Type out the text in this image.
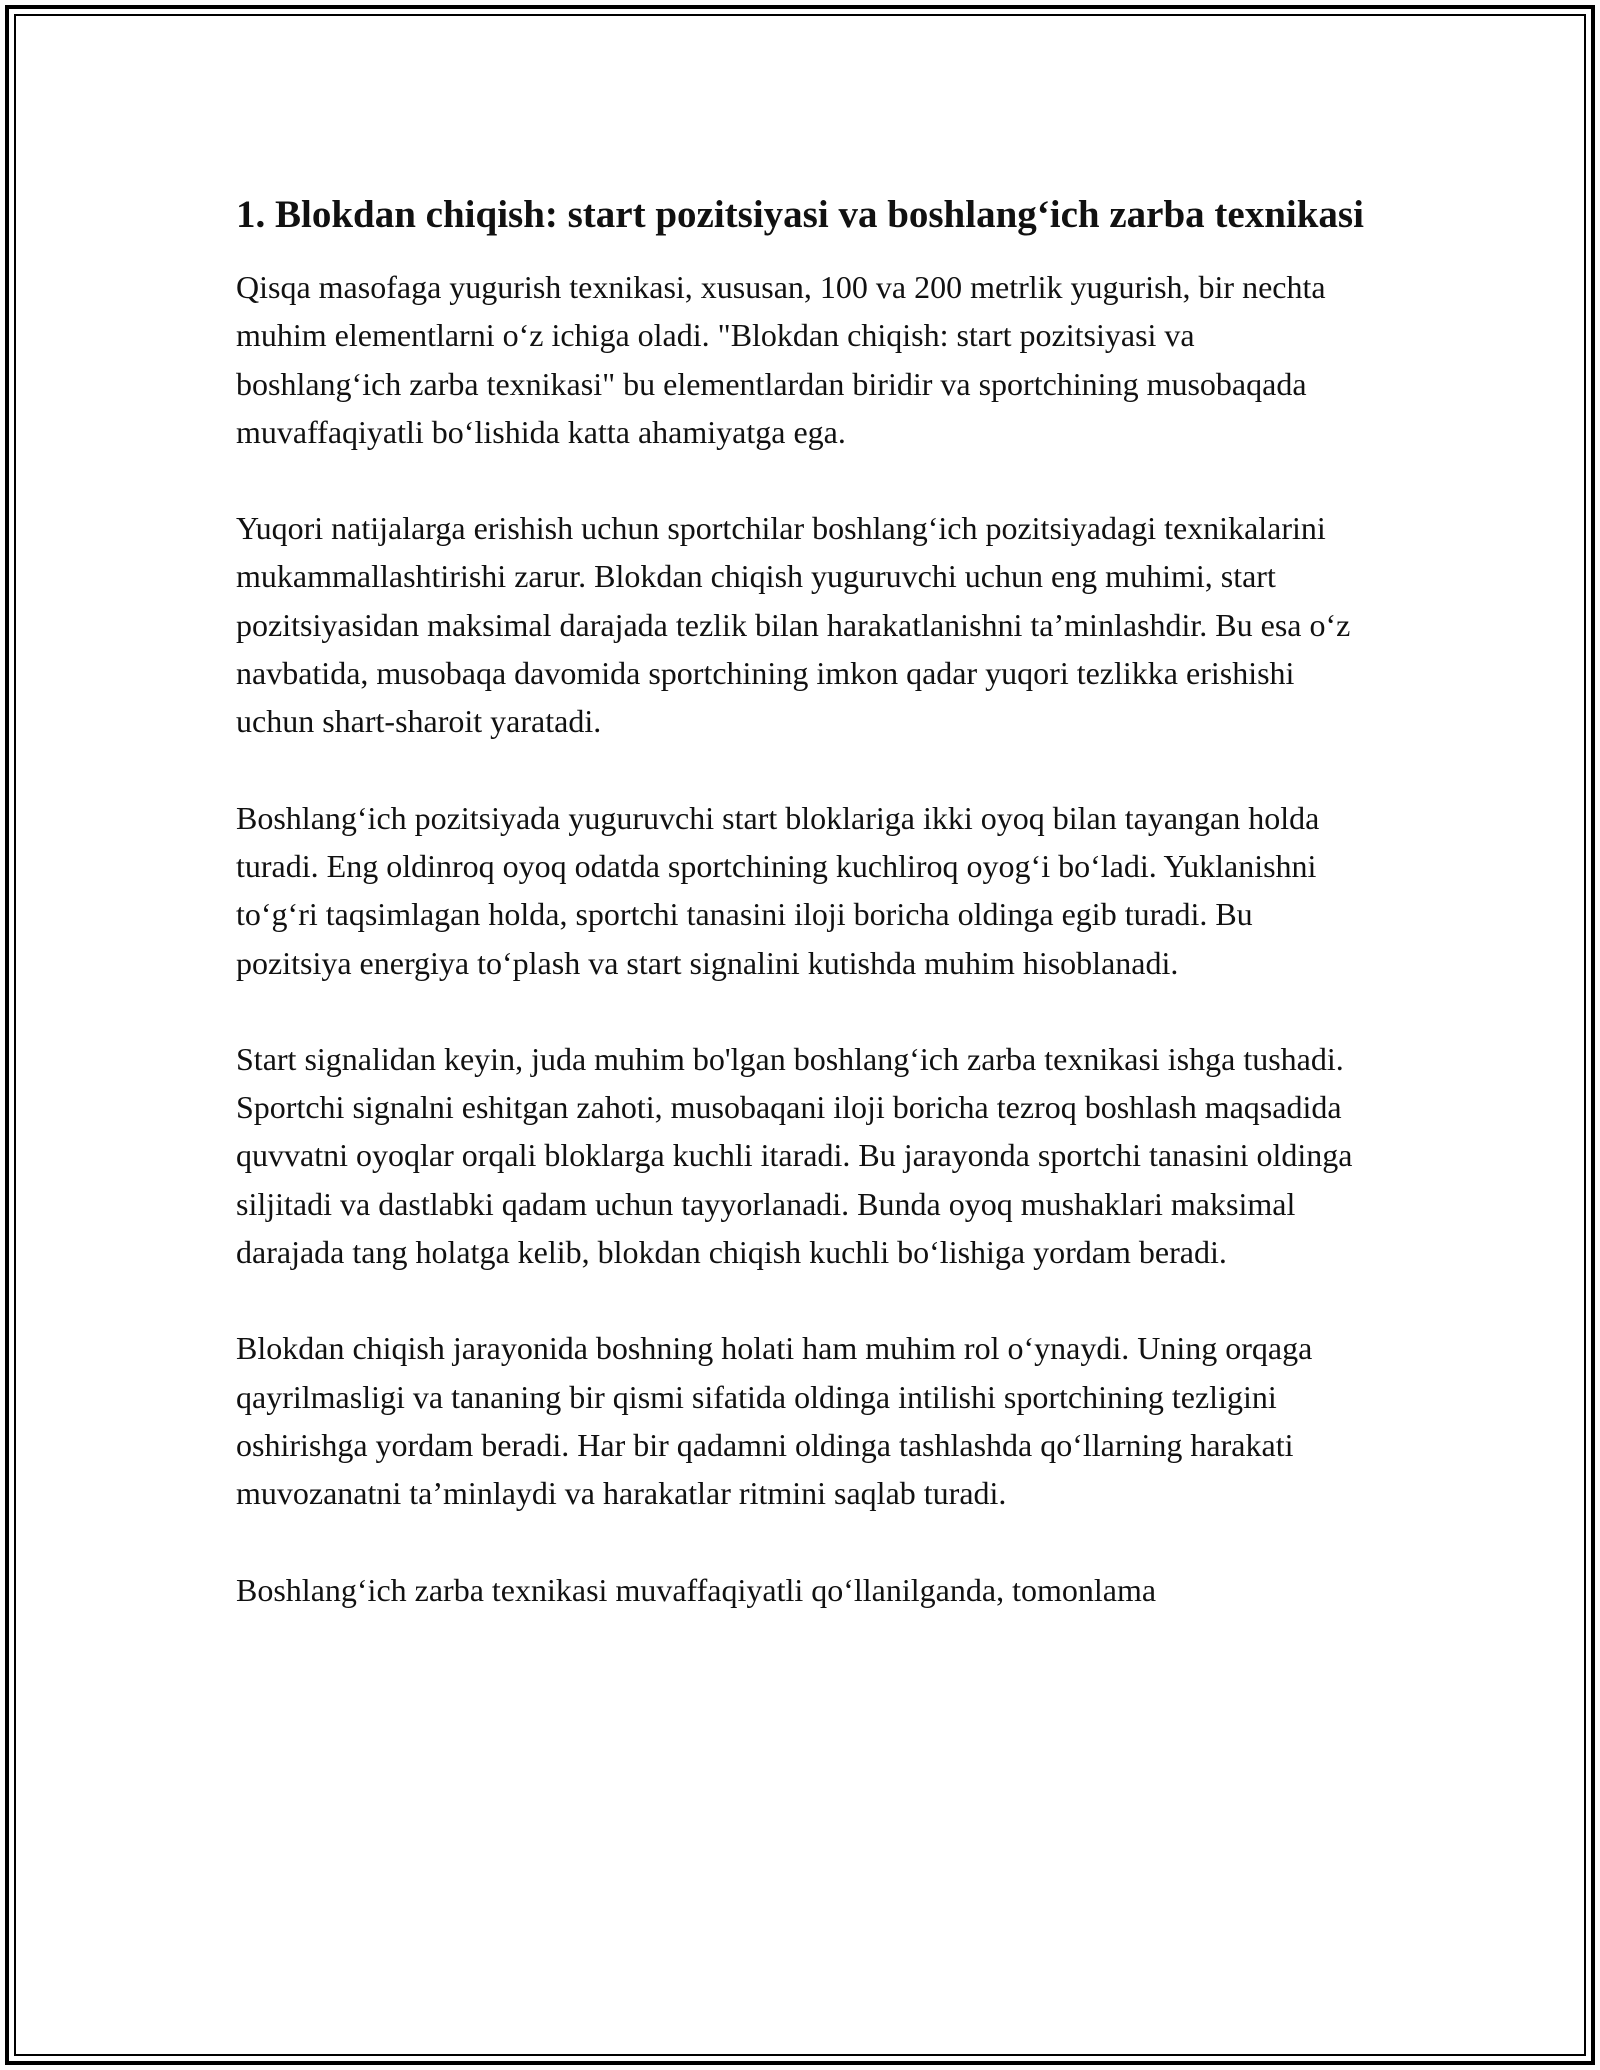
1. Blokdan chiqish: start pozitsiyasi va boshlang‘ich zarba texnikasi

Qisqa masofaga yugurish texnikasi, xususan, 100 va 200 metrlik yugurish, bir nechta muhim elementlarni o‘z ichiga oladi. "Blokdan chiqish: start pozitsiyasi va boshlang‘ich zarba texnikasi" bu elementlardan biridir va sportchining musobaqada muvaffaqiyatli bo‘lishida katta ahamiyatga ega.

Yuqori natijalarga erishish uchun sportchilar boshlang‘ich pozitsiyadagi texnikalarini mukammallashtirishi zarur. Blokdan chiqish yuguruvchi uchun eng muhimi, start pozitsiyasidan maksimal darajada tezlik bilan harakatlanishni ta’minlashdir. Bu esa o‘z navbatida, musobaqa davomida sportchining imkon qadar yuqori tezlikka erishishi uchun shart-sharoit yaratadi.

Boshlang‘ich pozitsiyada yuguruvchi start bloklariga ikki oyoq bilan tayangan holda turadi. Eng oldinroq oyoq odatda sportchining kuchliroq oyog‘i bo‘ladi. Yuklanishni to‘g‘ri taqsimlagan holda, sportchi tanasini iloji boricha oldinga egib turadi. Bu pozitsiya energiya to‘plash va start signalini kutishda muhim hisoblanadi.

Start signalidan keyin, juda muhim bo'lgan boshlang‘ich zarba texnikasi ishga tushadi. Sportchi signalni eshitgan zahoti, musobaqani iloji boricha tezroq boshlash maqsadida quvvatni oyoqlar orqali bloklarga kuchli itaradi. Bu jarayonda sportchi tanasini oldinga siljitadi va dastlabki qadam uchun tayyorlanadi. Bunda oyoq mushaklari maksimal darajada tang holatga kelib, blokdan chiqish kuchli bo‘lishiga yordam beradi.

Blokdan chiqish jarayonida boshning holati ham muhim rol o‘ynaydi. Uning orqaga qayrilmasligi va tananing bir qismi sifatida oldinga intilishi sportchining tezligini oshirishga yordam beradi. Har bir qadamni oldinga tashlashda qo‘llarning harakati muvozanatni ta’minlaydi va harakatlar ritmini saqlab turadi.

Boshlang‘ich zarba texnikasi muvaffaqiyatli qo‘llanilganda, tomonlama
